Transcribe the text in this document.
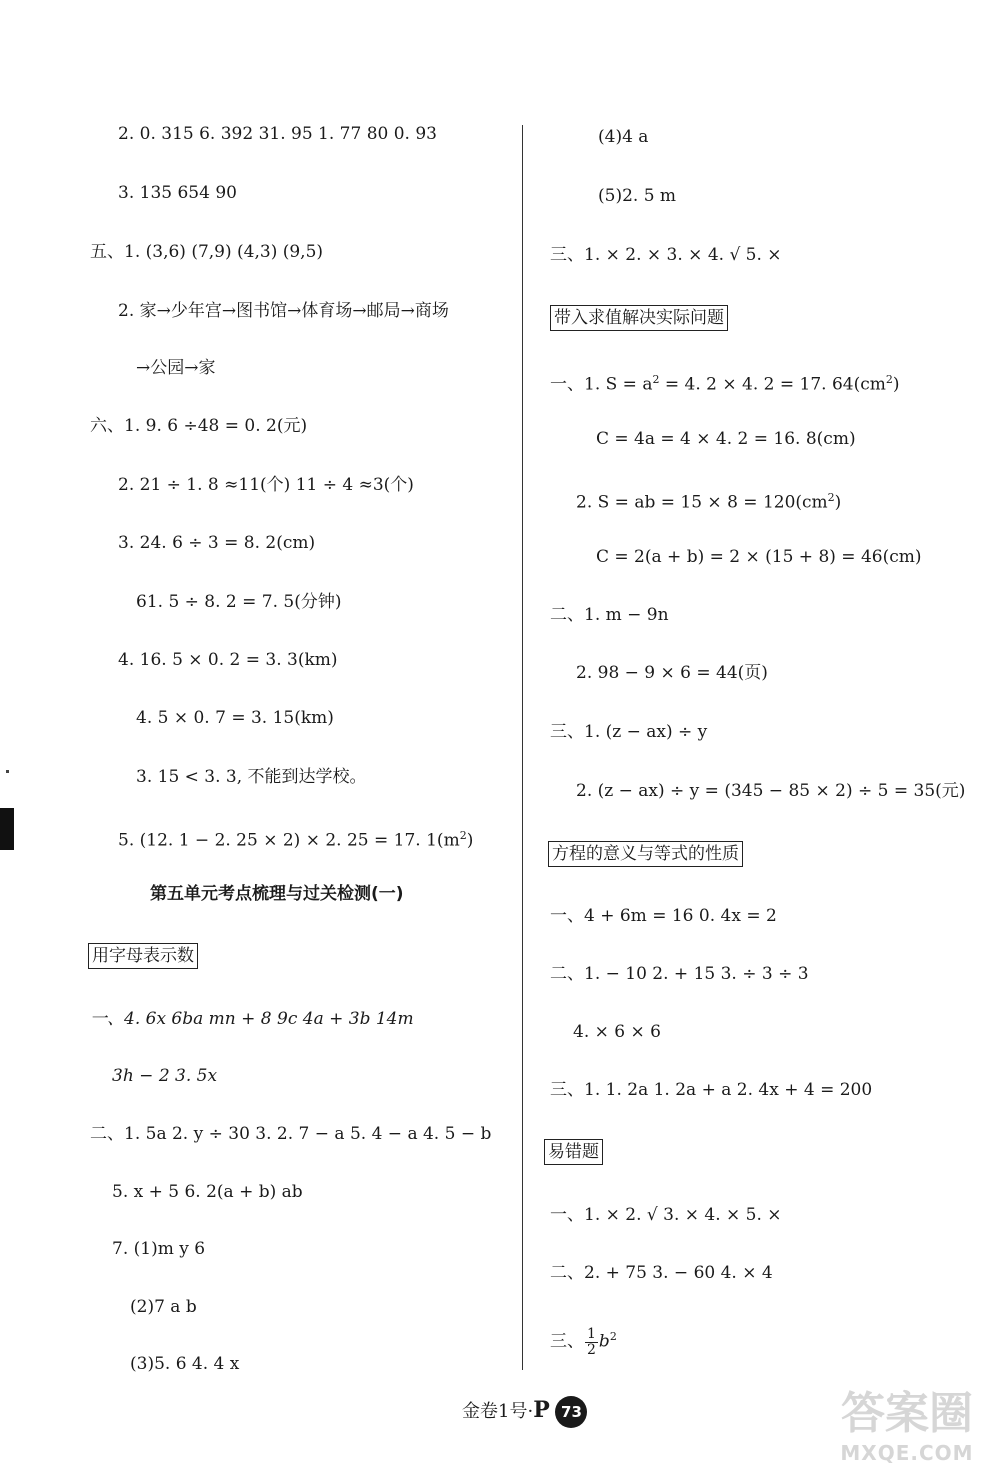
2. 0. 315 6. 392 31. 95 1. 77 80 0. 93
3. 135 654 90
五、1. (3,6) (7,9) (4,3) (9,5)
2. 家→少年宫→图书馆→体育场→邮局→商场
→公园→家
六、1. 9. 6 ÷48 = 0. 2(元)
2. 21 ÷ 1. 8 ≈11(个) 11 ÷ 4 ≈3(个)
3. 24. 6 ÷ 3 = 8. 2(cm)
61. 5 ÷ 8. 2 = 7. 5(分钟)
4. 16. 5 × 0. 2 = 3. 3(km)
4. 5 × 0. 7 = 3. 15(km)
3. 15 < 3. 3, 不能到达学校。
5. (12. 1 − 2. 25 × 2) × 2. 25 = 17. $1(m^2)$
第五单元考点梳理与过关检测(一)
用字母表示数
一、4. 6x 6ba mn + 8 9c 4a + 3b 14m
3h − 2 3. 5x
二、1. 5a 2. y ÷ 30 3. 2. 7 − a 5. 4 − a 4. 5 − b
5. x + 5 6. 2(a + b) ab
7. (1)m y 6
(2)7 a b
(3)5. 6 4. 4 x
(4)4 a
(5)2. 5 m
三、1. × 2. × 3. × 4. √ 5. ×
带入求值解决实际问题
一、1. $S = a^2 = 4$. 2 × 4. 2 = 17. $64(cm^2)$
C = 4a = 4 × 4. 2 = 16. 8(cm)
2. S = ab = $15 \times 8 = 120(cm^2)$
C = 2(a + b) = 2 × (15 + 8) = 46(cm)
二、1. m − 9n
2. 98 − 9 × 6 = 44(页)
三、1. (z − ax) ÷ y
2. (z − ax) ÷ y = (345 − 85 × 2) ÷ 5 = 35(元)
方程的意义与等式的性质
一、4 + 6m = 16 0. 4x = 2
二、1. − 10 2. + 15 3. ÷ 3 ÷ 3
4. × 6 × 6
三、1. 1. 2a 1. 2a + a 2. 4x + 4 = 200
易错题
一、1. × 2. √ 3. × 4. × 5. ×
二、2. + 75 3. − 60 4. × 4
三、 $\frac{1}{2} b^2$
金卷1号·P 73	答案圈
MXQE.COM
